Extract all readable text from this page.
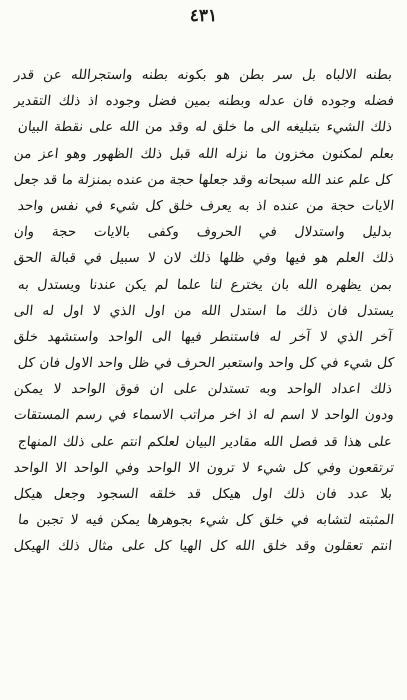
٤٣١
بطنه الالباه بل سر بطن هو بكونه بطنه واستجرالله عن قدر
فضله وجوده فان عدله وبطنه بمين فضل وجوده اذ ذلك التقدير
ذلك الشيء بتبليغه الى ما خلق له وقد من الله على نقطة البيان
بعلم لمكنون مخزون ما نزله الله قبل ذلك الظهور وهو اعز من
كل علم عند الله سبحانه وقد جعلها حجة من عنده بمنزلة ما قد جعل
الايات حجة من عنده اذ به يعرف خلق كل شيء في نفس واحد
بدليل واستدلال في الحروف وكفى بالايات حجة وان
ذلك العلم هو فيها وفي ظلها ذلك لان لا سبيل في قبالة الحق
بمن يظهره الله بان يخترع لنا علما لم يكن عندنا ويستدل به
يستدل فان ذلك ما استدل الله من اول الذي لا اول له الى
آخر الذي لا آخر له فاستنطر فيها الى الواحد واستشهد خلق
كل شيء في كل واحد واستعبر الحرف في ظل واحد الاول فان كل
ذلك اعداد الواحد وبه تستدلن على ان فوق الواحد لا يمكن
ودون الواحد لا اسم له اذ اخر مراتب الاسماء في رسم المستقات
على هذا قد فصل الله مقادير البيان لعلكم انتم على ذلك المنهاج
ترتقعون وفي كل شيء لا ترون الا الواحد وفي الواحد الا الواحد
بلا عدد فان ذلك اول هيكل قد خلقه السجود وجعل هيكل
المثبته لتشابه في خلق كل شيء بجوهرها يمكن فيه لا تجبن ما
انتم تعقلون وقد خلق الله كل الهيا كل على مثال ذلك الهيكل
